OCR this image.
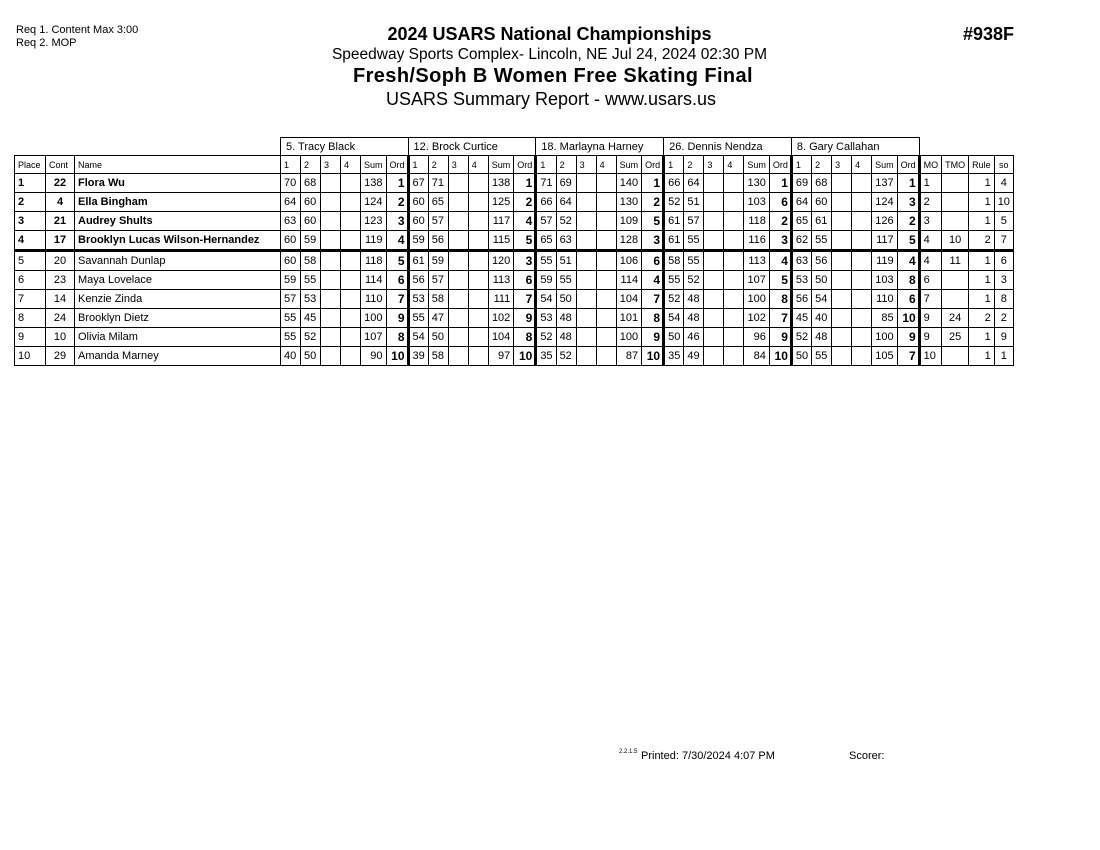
Req 1. Content Max 3:00
Req 2. MOP	2024 USARS National Championships
Speedway Sports Complex- Lincoln, NE Jul 24, 2024 02:30 PM
Fresh/Soph B Women Free Skating Final
USARS Summary Report - www.usars.us
#938F
			5. Tracy Black						12. Brock Curtice						18. Marlayna Harney						26. Dennis Nendza						8. Gary Callahan									
Place	Cont	Name	1	2	3	4	Sum	Ord	1	2	3	4	Sum	Ord	1	2	3	4	Sum	Ord	1	2	3	4	Sum	Ord	1	2	3	4	Sum	Ord	MO	TMO	Rule	so
1	22	Flora Wu	70	68			138	1	67	71			138	1	71	69			140	1	66	64			130	1	69	68			137	1	1		1	4
2	4	Ella Bingham	64	60			124	2	60	65			125	2	66	64			130	2	52	51			103	6	64	60			124	3	2		1	10
3	21	Audrey Shults	63	60			123	3	60	57			117	4	57	52			109	5	61	57			118	2	65	61			126	2	3		1	5
4	17	Brooklyn Lucas Wilson-Hernandez	60	59			119	4	59	56			115	5	65	63			128	3	61	55			116	3	62	55			117	5	4	10	2	7
5	20	Savannah Dunlap	60	58			118	5	61	59			120	3	55	51			106	6	58	55			113	4	63	56			119	4	4	11	1	6
6	23	Maya Lovelace	59	55			114	6	56	57			113	6	59	55			114	4	55	52			107	5	53	50			103	8	6		1	3
7	14	Kenzie Zinda	57	53			110	7	53	58			111	7	54	50			104	7	52	48			100	8	56	54			110	6	7		1	8
8	24	Brooklyn Dietz	55	45			100	9	55	47			102	9	53	48			101	8	54	48			102	7	45	40			85	10	9	24	2	2
9	10	Olivia Milam	55	52			107	8	54	50			104	8	52	48			100	9	50	46			96	9	52	48			100	9	9	25	1	9
10	29	Amanda Marney	40	50			90	10	39	58			97	10	35	52			87	10	35	49			84	10	50	55			105	7	10		1	1
2.2.1.5 Printed: 7/30/2024 4:07 PM	Scorer:
